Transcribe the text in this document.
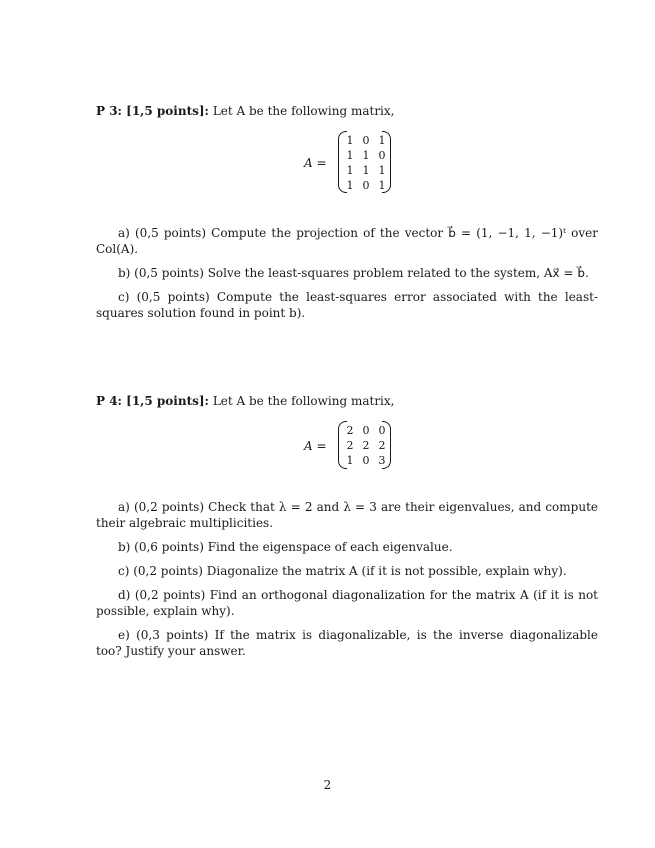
P 3: [1,5 points]: Let A be the following matrix,

A =
1 0 1
1 1 0
1 1 1
1 0 1

a) (0,5 points) Compute the projection of the vector b⃗ = (1, −1, 1, −1)ᵗ over Col(A).

b) (0,5 points) Solve the least-squares problem related to the system, Ax⃗ = b⃗.

c) (0,5 points) Compute the least-squares error associated with the least- squares solution found in point b).

P 4: [1,5 points]: Let A be the following matrix,

A =
2 0 0
2 2 2
1 0 3

a) (0,2 points) Check that λ = 2 and λ = 3 are their eigenvalues, and compute their algebraic multiplicities.

b) (0,6 points) Find the eigenspace of each eigenvalue.

c) (0,2 points) Diagonalize the matrix A (if it is not possible, explain why).

d) (0,2 points) Find an orthogonal diagonalization for the matrix A (if it is not possible, explain why).

e) (0,3 points) If the matrix is diagonalizable, is the inverse diagonalizable too? Justify your answer.

2
